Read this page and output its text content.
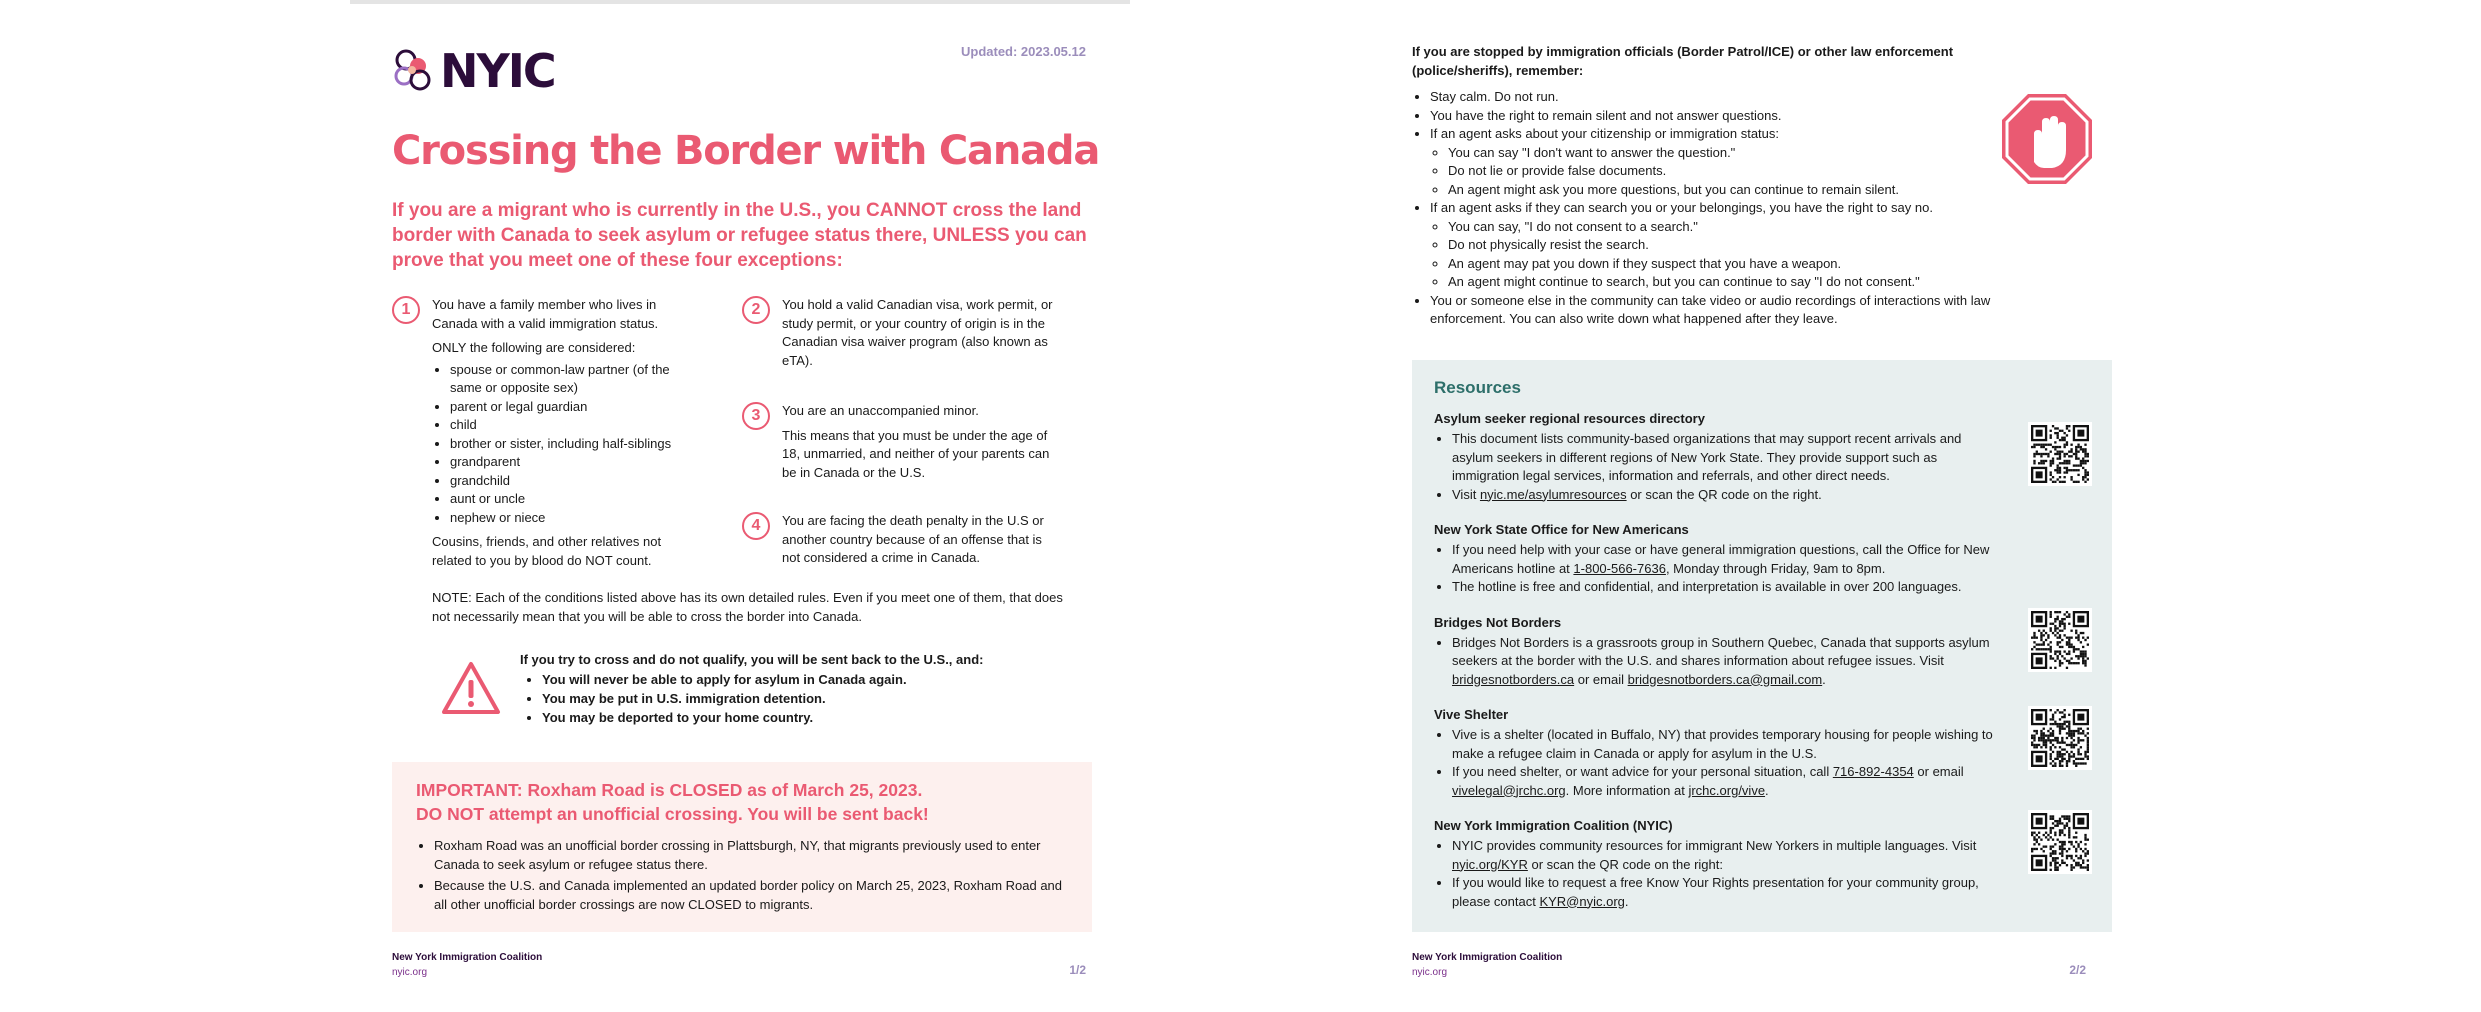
NYIC	Updated: 2023.05.12
Crossing the Border with Canada
If you are a migrant who is currently in the U.S., you CANNOT cross the land border with Canada to seek asylum or refugee status there, UNLESS you can prove that you meet one of these four exceptions:
1	You have a family member who lives in Canada with a valid immigration status.

ONLY the following are considered:

• spouse or common-law partner (of the same or opposite sex)
• parent or legal guardian
• child
• brother or sister, including half-siblings
• grandparent
• grandchild
• aunt or uncle
• nephew or niece

Cousins, friends, and other relatives not related to you by blood do NOT count.

2	You hold a valid Canadian visa, work permit, or study permit, or your country of origin is in the Canadian visa waiver program (also known as eTA).

3	You are an unaccompanied minor.

This means that you must be under the age of 18, unmarried, and neither of your parents can be in Canada or the U.S.

4	You are facing the death penalty in the U.S or another country because of an offense that is not considered a crime in Canada.

NOTE: Each of the conditions listed above has its own detailed rules. Even if you meet one of them, that does not necessarily mean that you will be able to cross the border into Canada.

If you try to cross and do not qualify, you will be sent back to the U.S., and:

• You will never be able to apply for asylum in Canada again.
• You may be put in U.S. immigration detention.
• You may be deported to your home country.
IMPORTANT: Roxham Road is CLOSED as of March 25, 2023.
DO NOT attempt an unofficial crossing. You will be sent back!
• Roxham Road was an unofficial border crossing in Plattsburgh, NY, that migrants previously used to enter Canada to seek asylum or refugee status there.
• Because the U.S. and Canada implemented an updated border policy on March 25, 2023, Roxham Road and all other unofficial border crossings are now CLOSED to migrants.
New York Immigration Coalition
nyic.org	1/2
If you are stopped by immigration officials (Border Patrol/ICE) or other law enforcement (police/sheriffs), remember:
• Stay calm. Do not run.
• You have the right to remain silent and not answer questions.
• If an agent asks about your citizenship or immigration status:
◦ You can say "I don't want to answer the question."
◦ Do not lie or provide false documents.
◦ An agent might ask you more questions, but you can continue to remain silent.
• If an agent asks if they can search you or your belongings, you have the right to say no.
◦ You can say, "I do not consent to a search."
◦ Do not physically resist the search.
◦ An agent may pat you down if they suspect that you have a weapon.
◦ An agent might continue to search, but you can continue to say "I do not consent."
• You or someone else in the community can take video or audio recordings of interactions with law enforcement. You can also write down what happened after they leave.
Resources
Asylum seeker regional resources directory
• This document lists community-based organizations that may support recent arrivals and asylum seekers in different regions of New York State. They provide support such as immigration legal services, information and referrals, and other direct needs.
• Visit nyic.me/asylumresources or scan the QR code on the right.
New York State Office for New Americans
• If you need help with your case or have general immigration questions, call the Office for New Americans hotline at 1-800-566-7636, Monday through Friday, 9am to 8pm.
• The hotline is free and confidential, and interpretation is available in over 200 languages.
Bridges Not Borders
• Bridges Not Borders is a grassroots group in Southern Quebec, Canada that supports asylum seekers at the border with the U.S. and shares information about refugee issues. Visit bridgesnotborders.ca or email bridgesnotborders.ca@gmail.com.
Vive Shelter
• Vive is a shelter (located in Buffalo, NY) that provides temporary housing for people wishing to make a refugee claim in Canada or apply for asylum in the U.S.
• If you need shelter, or want advice for your personal situation, call 716-892-4354 or email vivelegal@jrchc.org. More information at jrchc.org/vive.
New York Immigration Coalition (NYIC)
• NYIC provides community resources for immigrant New Yorkers in multiple languages. Visit nyic.org/KYR or scan the QR code on the right:
• If you would like to request a free Know Your Rights presentation for your community group, please contact KYR@nyic.org.
New York Immigration Coalition
nyic.org	2/2
